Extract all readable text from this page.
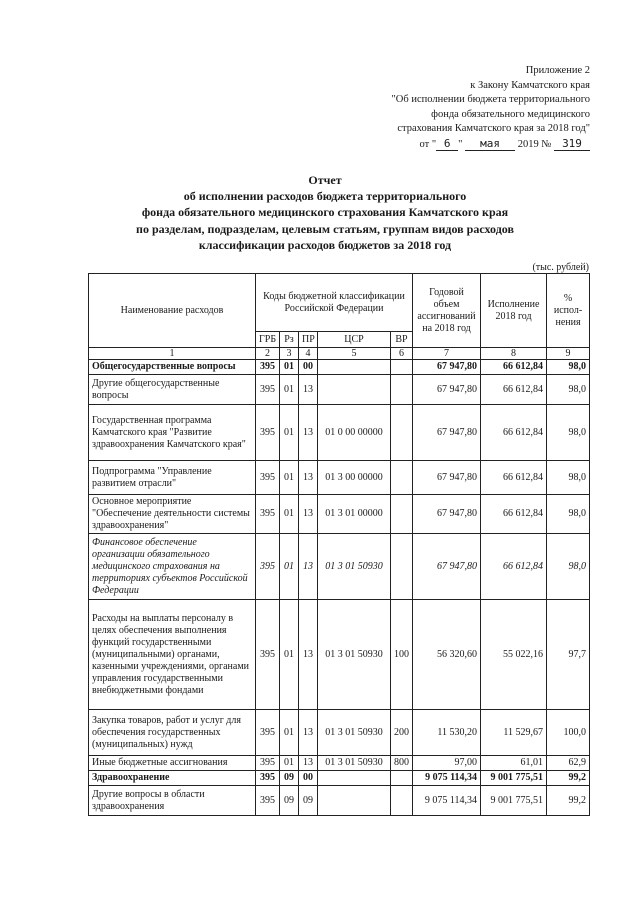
Приложение 2
к Закону Камчатского края
"Об исполнении бюджета территориального
фонда обязательного медицинского
страхования Камчатского края за 2018 год"
от " 6 " мая 2019 № 319
Отчет
об исполнении расходов бюджета территориального
фонда обязательного медицинского страхования Камчатского края
по разделам, подразделам, целевым статьям, группам видов расходов
классификации расходов бюджетов за 2018 год
(тыс. рублей)
Наименование расходов	Коды бюджетной классификации Российской Федерации					Годовой объем ассигнований на 2018 год	Исполнение 2018 год	% испол-нения
	ГРБ	Рз	ПР	ЦСР	ВР			
1	2	3	4	5	6	7	8	9
Общегосударственные вопросы	395	01	00			67 947,80	66 612,84	98,0
Другие общегосударственные вопросы	395	01	13			67 947,80	66 612,84	98,0
Государственная программа Камчатского края "Развитие здравоохранения Камчатского края"	395	01	13	01 0 00 00000		67 947,80	66 612,84	98,0
Подпрограмма "Управление развитием отрасли"	395	01	13	01 3 00 00000		67 947,80	66 612,84	98,0
Основное мероприятие "Обеспечение деятельности системы здравоохранения"	395	01	13	01 3 01 00000		67 947,80	66 612,84	98,0
Финансовое обеспечение организации обязательного медицинского страхования на территориях субъектов Российской Федерации	395	01	13	01 3 01 50930		67 947,80	66 612,84	98,0
Расходы на выплаты персоналу в целях обеспечения выполнения функций государственными (муниципальными) органами, казенными учреждениями, органами управления государственными внебюджетными фондами	395	01	13	01 3 01 50930	100	56 320,60	55 022,16	97,7
Закупка товаров, работ и услуг для обеспечения государственных (муниципальных) нужд	395	01	13	01 3 01 50930	200	11 530,20	11 529,67	100,0
Иные бюджетные ассигнования	395	01	13	01 3 01 50930	800	97,00	61,01	62,9
Здравоохранение	395	09	00			9 075 114,34	9 001 775,51	99,2
Другие вопросы в области здравоохранения	395	09	09			9 075 114,34	9 001 775,51	99,2
